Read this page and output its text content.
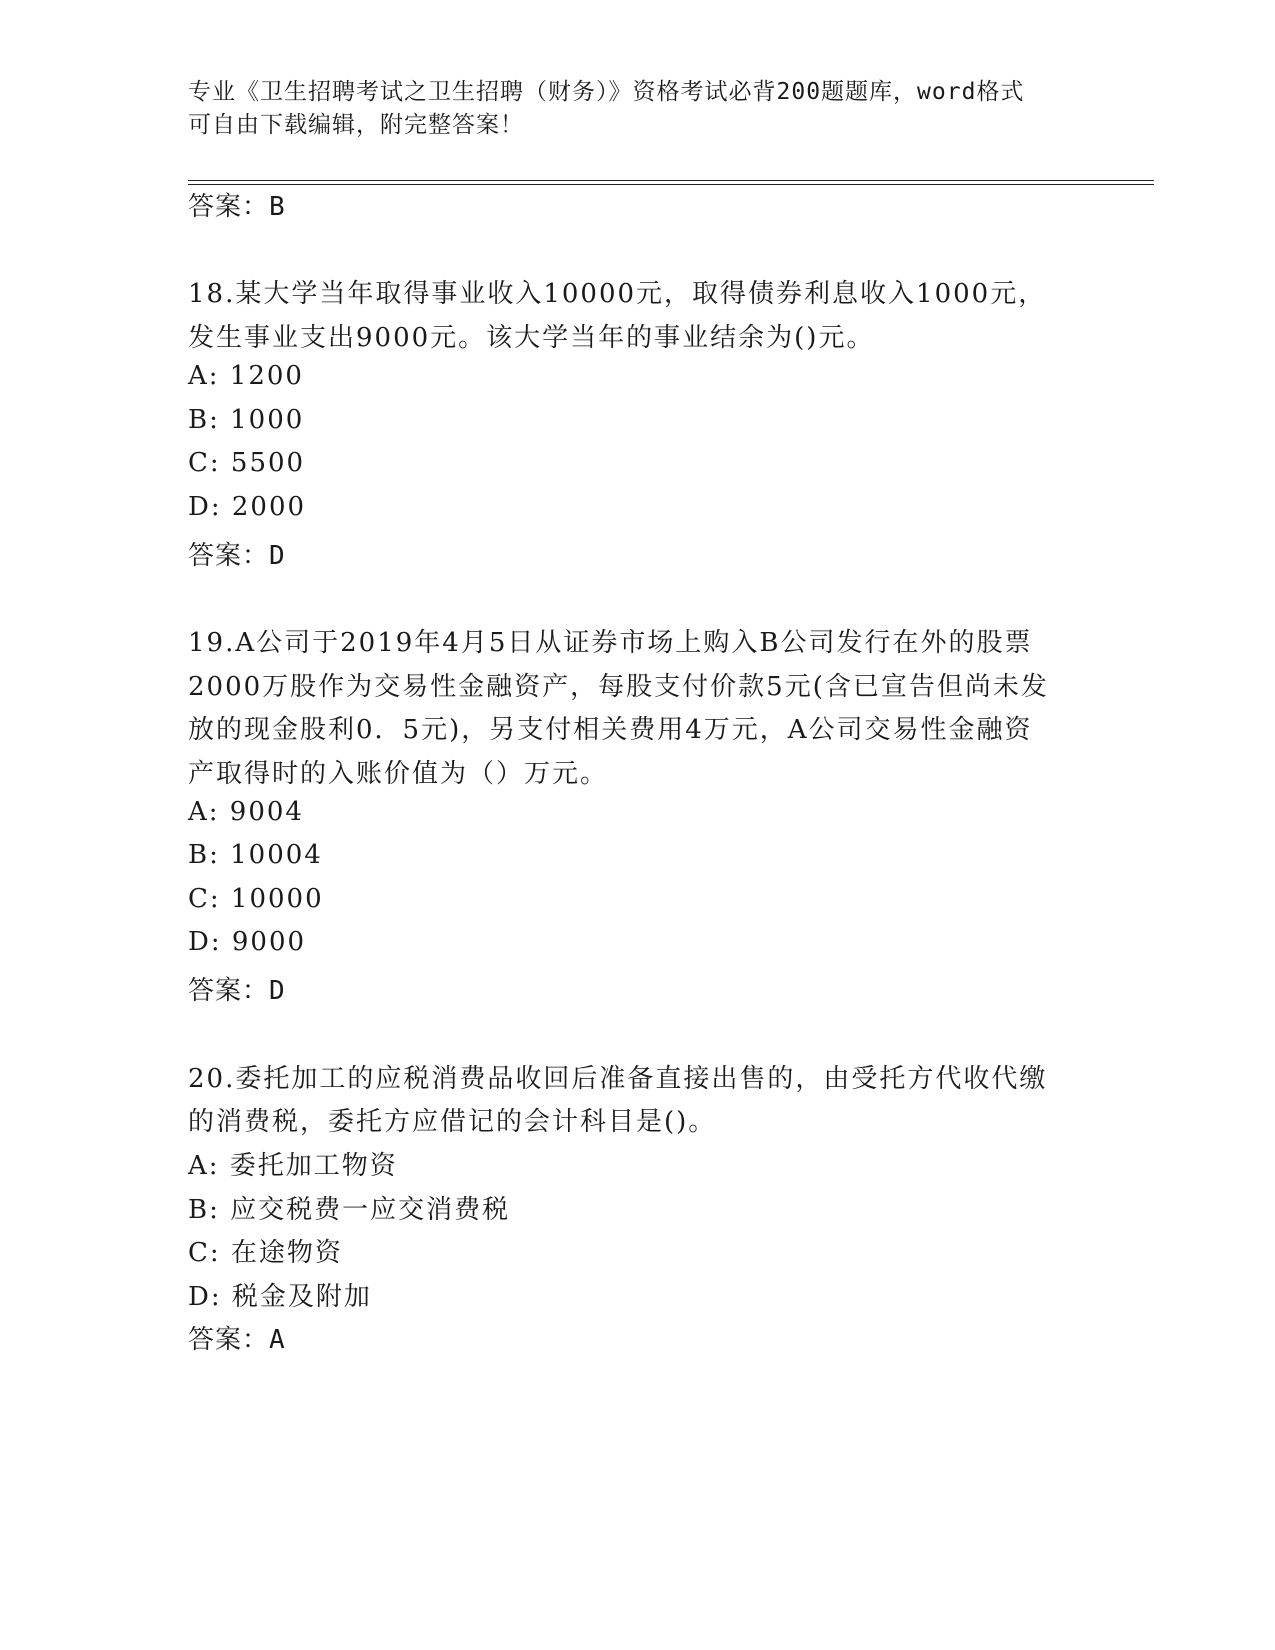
专业《卫生招聘考试之卫生招聘（财务）》资格考试必背200题题库，word格式
可自由下载编辑，附完整答案！
答案：B
18.某大学当年取得事业收入10000元，取得债券利息收入1000元，
发生事业支出9000元。该大学当年的事业结余为()元。
A: 1200
B: 1000
C: 5500
D: 2000
答案：D
19.A公司于2019年4月5日从证券市场上购入B公司发行在外的股票
2000万股作为交易性金融资产，每股支付价款5元(含已宣告但尚未发
放的现金股利0．5元)，另支付相关费用4万元，A公司交易性金融资
产取得时的入账价值为（）万元。
A: 9004
B: 10004
C: 10000
D: 9000
答案：D
20.委托加工的应税消费品收回后准备直接出售的，由受托方代收代缴
的消费税，委托方应借记的会计科目是()。
A: 委托加工物资
B: 应交税费一应交消费税
C: 在途物资
D: 税金及附加
答案：A
